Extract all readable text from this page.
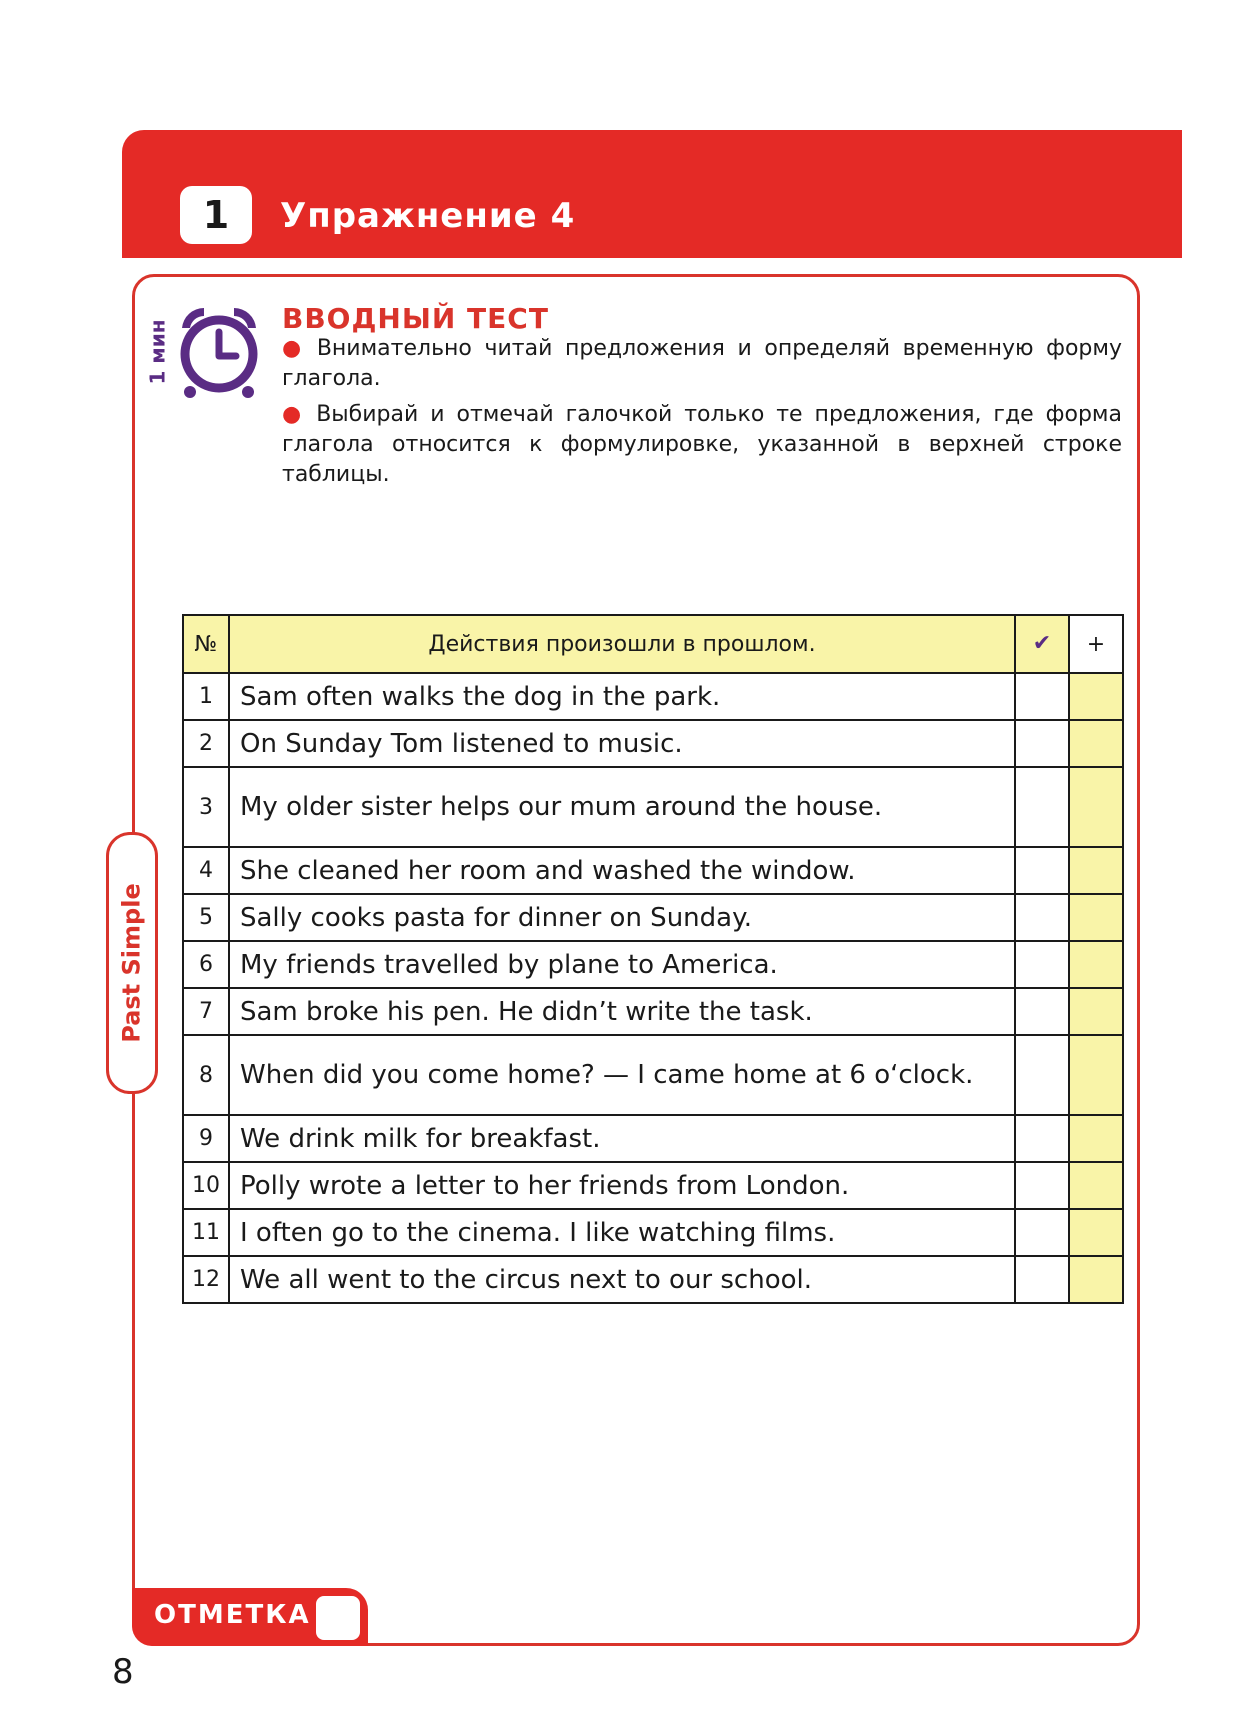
1	Упражнение 4
1 мин
ВВОДНЫЙ ТЕСТ
● Внимательно читай предложения и определяй временную форму глагола.
● Выбирай и отмечай галочкой только те предложения, где форма глагола относится к формулировке, указанной в верхней строке таблицы.
Past Simple
№	Действия произошли в прошлом.	✔	+
1	Sam often walks the dog in the park.		
2	On Sunday Tom listened to music.		
3	My older sister helps our mum around the house.		
4	She cleaned her room and washed the window.		
5	Sally cooks pasta for dinner on Sunday.		
6	My friends travelled by plane to America.		
7	Sam broke his pen. He didn’t write the task.		
8	When did you come home? — I came home at 6 o‘clock.		
9	We drink milk for breakfast.		
10	Polly wrote a letter to her friends from London.		
11	I often go to the cinema. I like watching films.		
12	We all went to the circus next to our school.		
ОТМЕТКА
8
